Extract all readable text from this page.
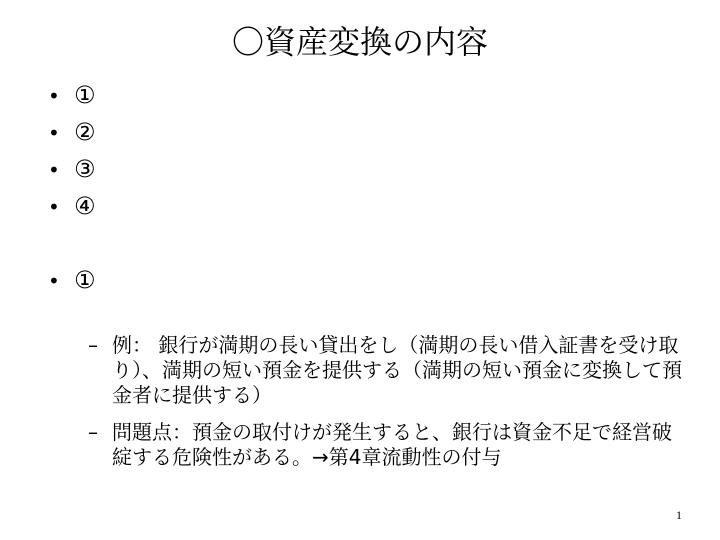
〇資産変換の内容
• ①
• ②
• ③
• ④
• ①
– 例： 銀行が満期の長い貸出をし（満期の長い借入証書を受け取り）、満期の短い預金を提供する（満期の短い預金に変換して預金者に提供する）
– 問題点：預金の取付けが発生すると、銀行は資金不足で経営破綻する危険性がある。→第4章流動性の付与
1
